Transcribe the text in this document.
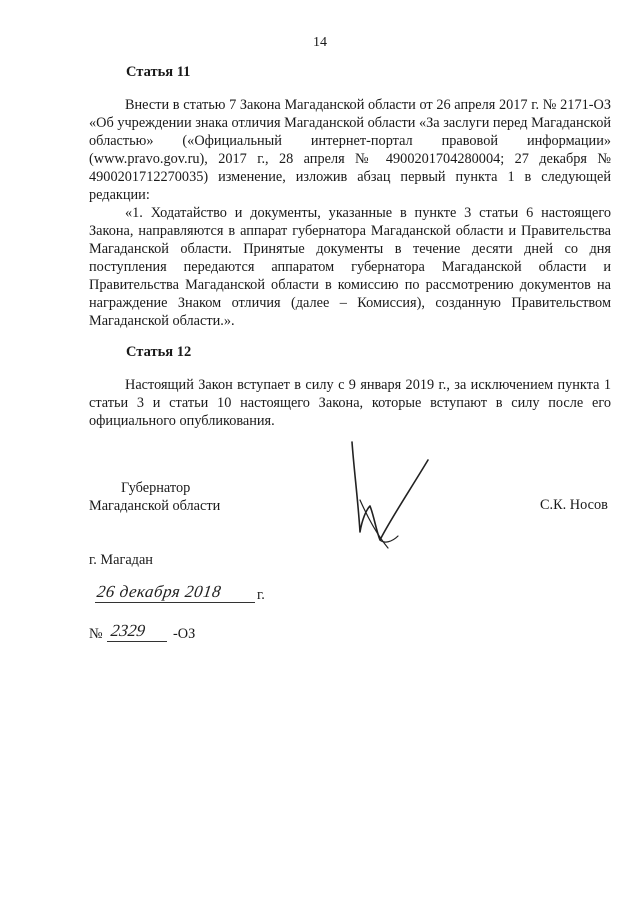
14
Статья 11

Внести в статью 7 Закона Магаданской области от 26 апреля 2017 г. № 2171-ОЗ «Об учреждении знака отличия Магаданской области «За заслуги перед Магаданской областью» («Официальный интернет-портал правовой информации» (www.pravo.gov.ru), 2017 г., 28 апреля № 4900201704280004; 27 декабря № 4900201712270035) изменение, изложив абзац первый пункта 1 в следующей редакции:

«1. Ходатайство и документы, указанные в пункте 3 статьи 6 настоящего Закона, направляются в аппарат губернатора Магаданской области и Правительства Магаданской области. Принятые документы в течение десяти дней со дня поступления передаются аппаратом губернатора Магаданской области и Правительства Магаданской области в комиссию по рассмотрению документов на награждение Знаком отличия (далее – Комиссия), созданную Правительством Магаданской области.».

Статья 12

Настоящий Закон вступает в силу с 9 января 2019 г., за исключением пункта 1 статьи 3 и статьи 10 настоящего Закона, которые вступают в силу после его официального опубликования.

Губернатор
Магаданской области	С.К. Носов
г. Магадан
26 декабря 2018 г.
№ 2329 -ОЗ
